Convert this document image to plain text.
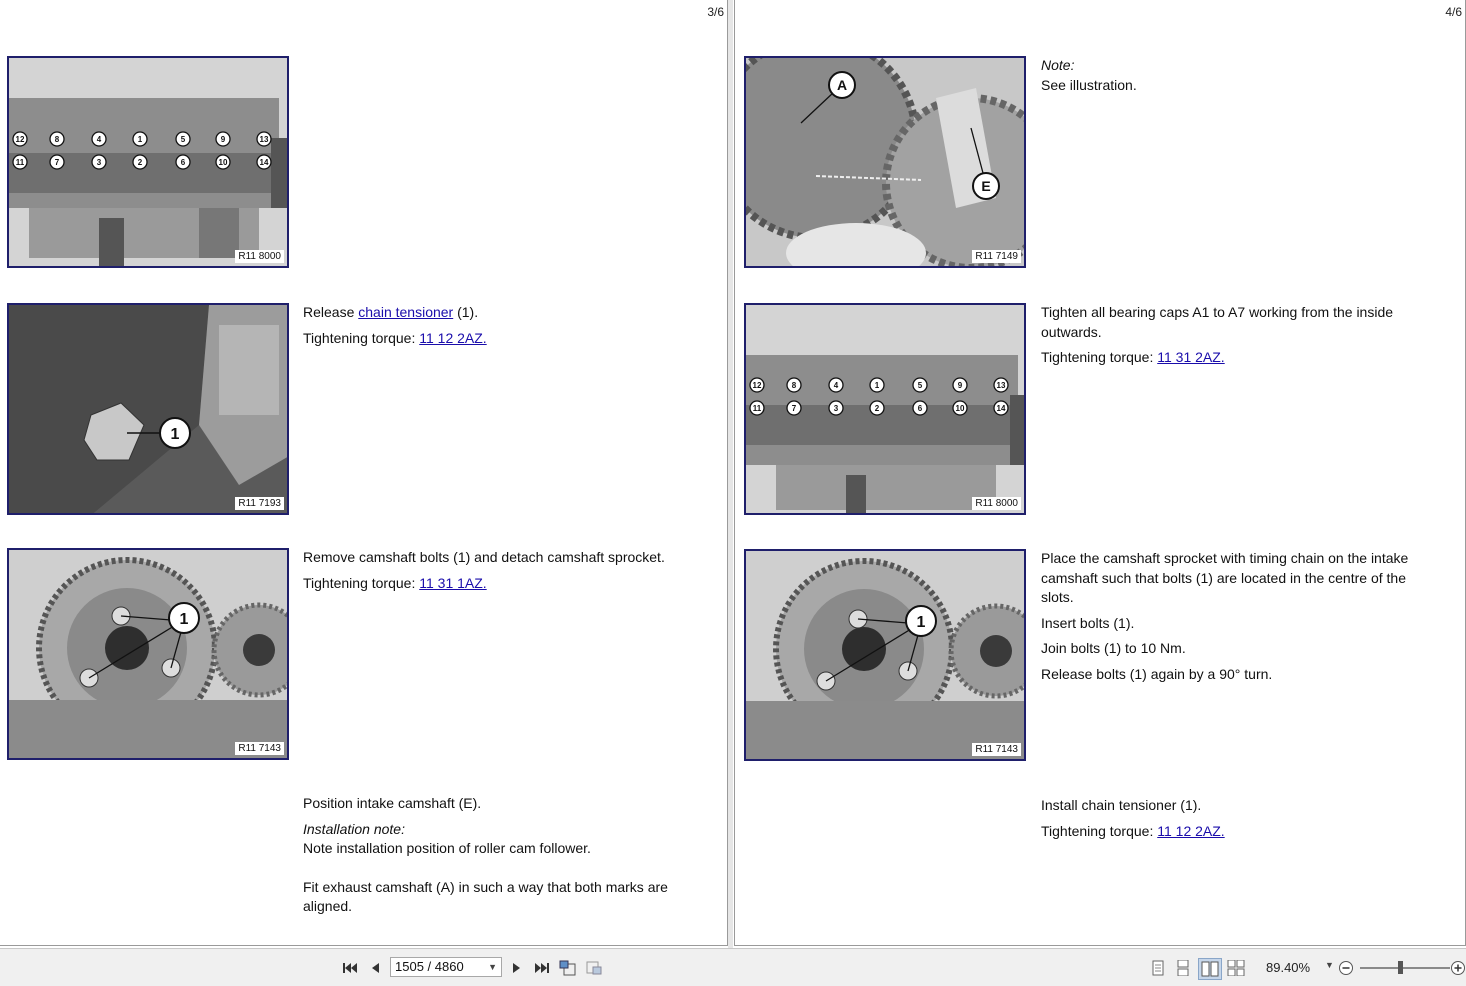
3/6
12	8	4	1	5	9	13
11	7	3	2	6	10	14
R11 8000
1
R11 7193
1
R11 7143

Release chain tensioner (1).

Tightening torque: 11 12 2AZ.

Remove camshaft bolts (1) and detach camshaft sprocket.

Tightening torque: 11 31 1AZ.

Position intake camshaft (E).

Installation note:

Note installation position of roller cam follower.

Fit exhaust camshaft (A) in such a way that both marks are aligned.

4/6
A
E
R11 7149
12	8	4	1	5	9	13
11	7	3	2	6	10	14
R11 8000
1
R11 7143
Note:

See illustration.

Tighten all bearing caps A1 to A7 working from the inside outwards.

Tightening torque: 11 31 2AZ.

Place the camshaft sprocket with timing chain on the intake camshaft such that bolts (1) are located in the centre of the slots.

Insert bolts (1).

Join bolts (1) to 10 Nm.

Release bolts (1) again by a 90° turn.

Install chain tensioner (1).

Tightening torque: 11 12 2AZ.

1505 / 4860	▼	89.40% ▼
